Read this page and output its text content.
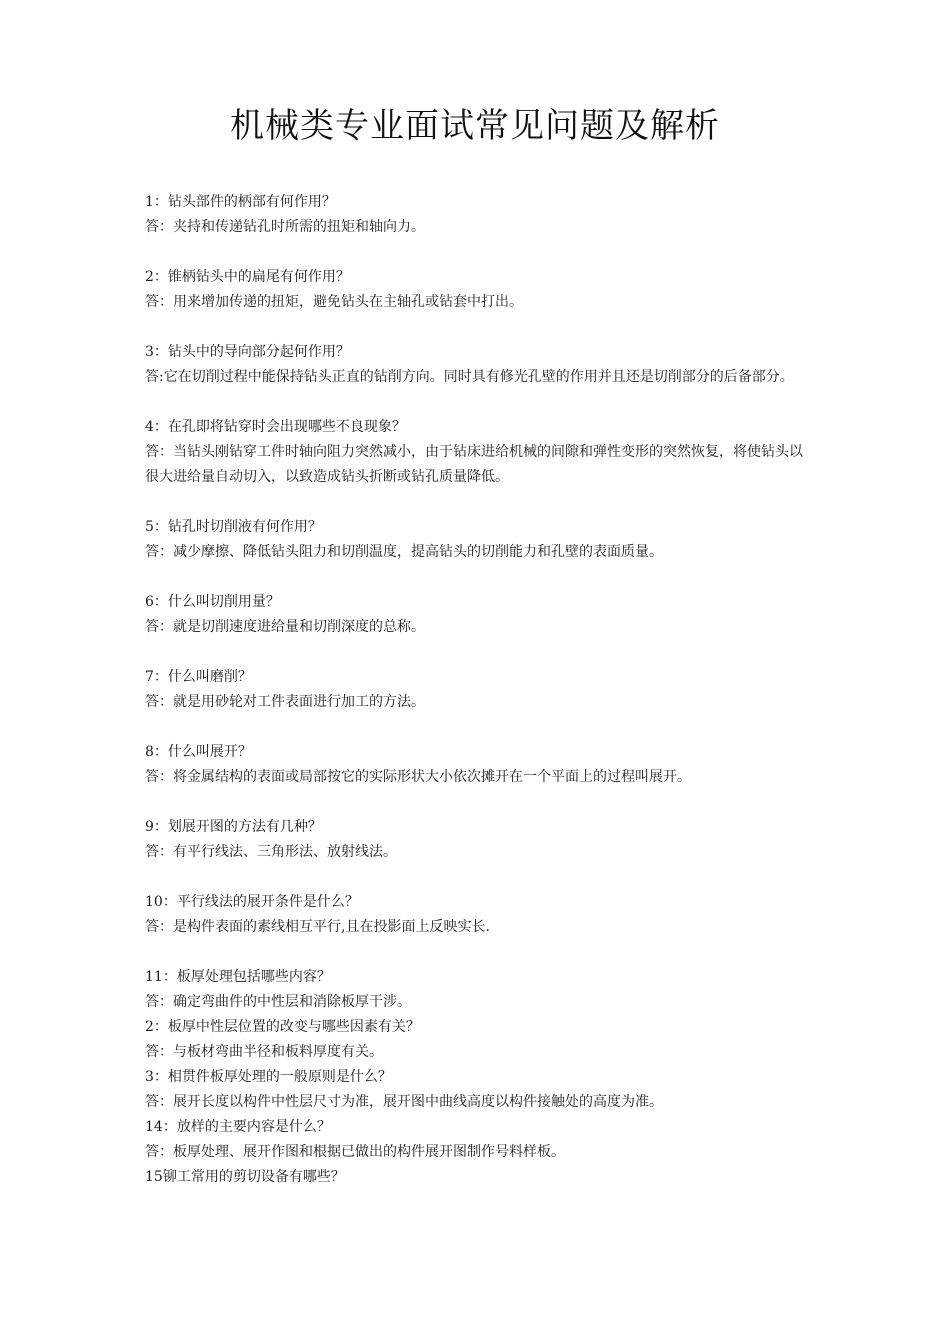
机械类专业面试常见问题及解析
1：钻头部件的柄部有何作用？
答：夹持和传递钻孔时所需的扭矩和轴向力。
2：锥柄钻头中的扁尾有何作用？
答：用来增加传递的扭矩，避免钻头在主轴孔或钻套中打出。
3：钻头中的导向部分起何作用？
答:它在切削过程中能保持钻头正直的钻削方向。同时具有修光孔壁的作用并且还是切削部分的后备部分。
4：在孔即将钻穿时会出现哪些不良现象？
答：当钻头刚钻穿工件时轴向阻力突然减小，由于钻床进给机械的间隙和弹性变形的突然恢复，将使钻头以很大进给量自动切入，以致造成钻头折断或钻孔质量降低。
5：钻孔时切削液有何作用？
答：减少摩擦、降低钻头阻力和切削温度，提高钻头的切削能力和孔壁的表面质量。
6：什么叫切削用量？
答：就是切削速度进给量和切削深度的总称。
7：什么叫磨削？
答：就是用砂轮对工件表面进行加工的方法。
8：什么叫展开？
答：将金属结构的表面或局部按它的实际形状大小依次摊开在一个平面上的过程叫展开。
9：划展开图的方法有几种？
答：有平行线法、三角形法、放射线法。
10：平行线法的展开条件是什么？
答：是构件表面的素线相互平行,且在投影面上反映实长.
11：板厚处理包括哪些内容？
答：确定弯曲件的中性层和消除板厚干涉。
2：板厚中性层位置的改变与哪些因素有关？
答：与板材弯曲半径和板料厚度有关。
3：相贯件板厚处理的一般原则是什么？
答：展开长度以构件中性层尺寸为准，展开图中曲线高度以构件接触处的高度为准。
14：放样的主要内容是什么？
答：板厚处理、展开作图和根据已做出的构件展开图制作号料样板。
15铆工常用的剪切设备有哪些？
